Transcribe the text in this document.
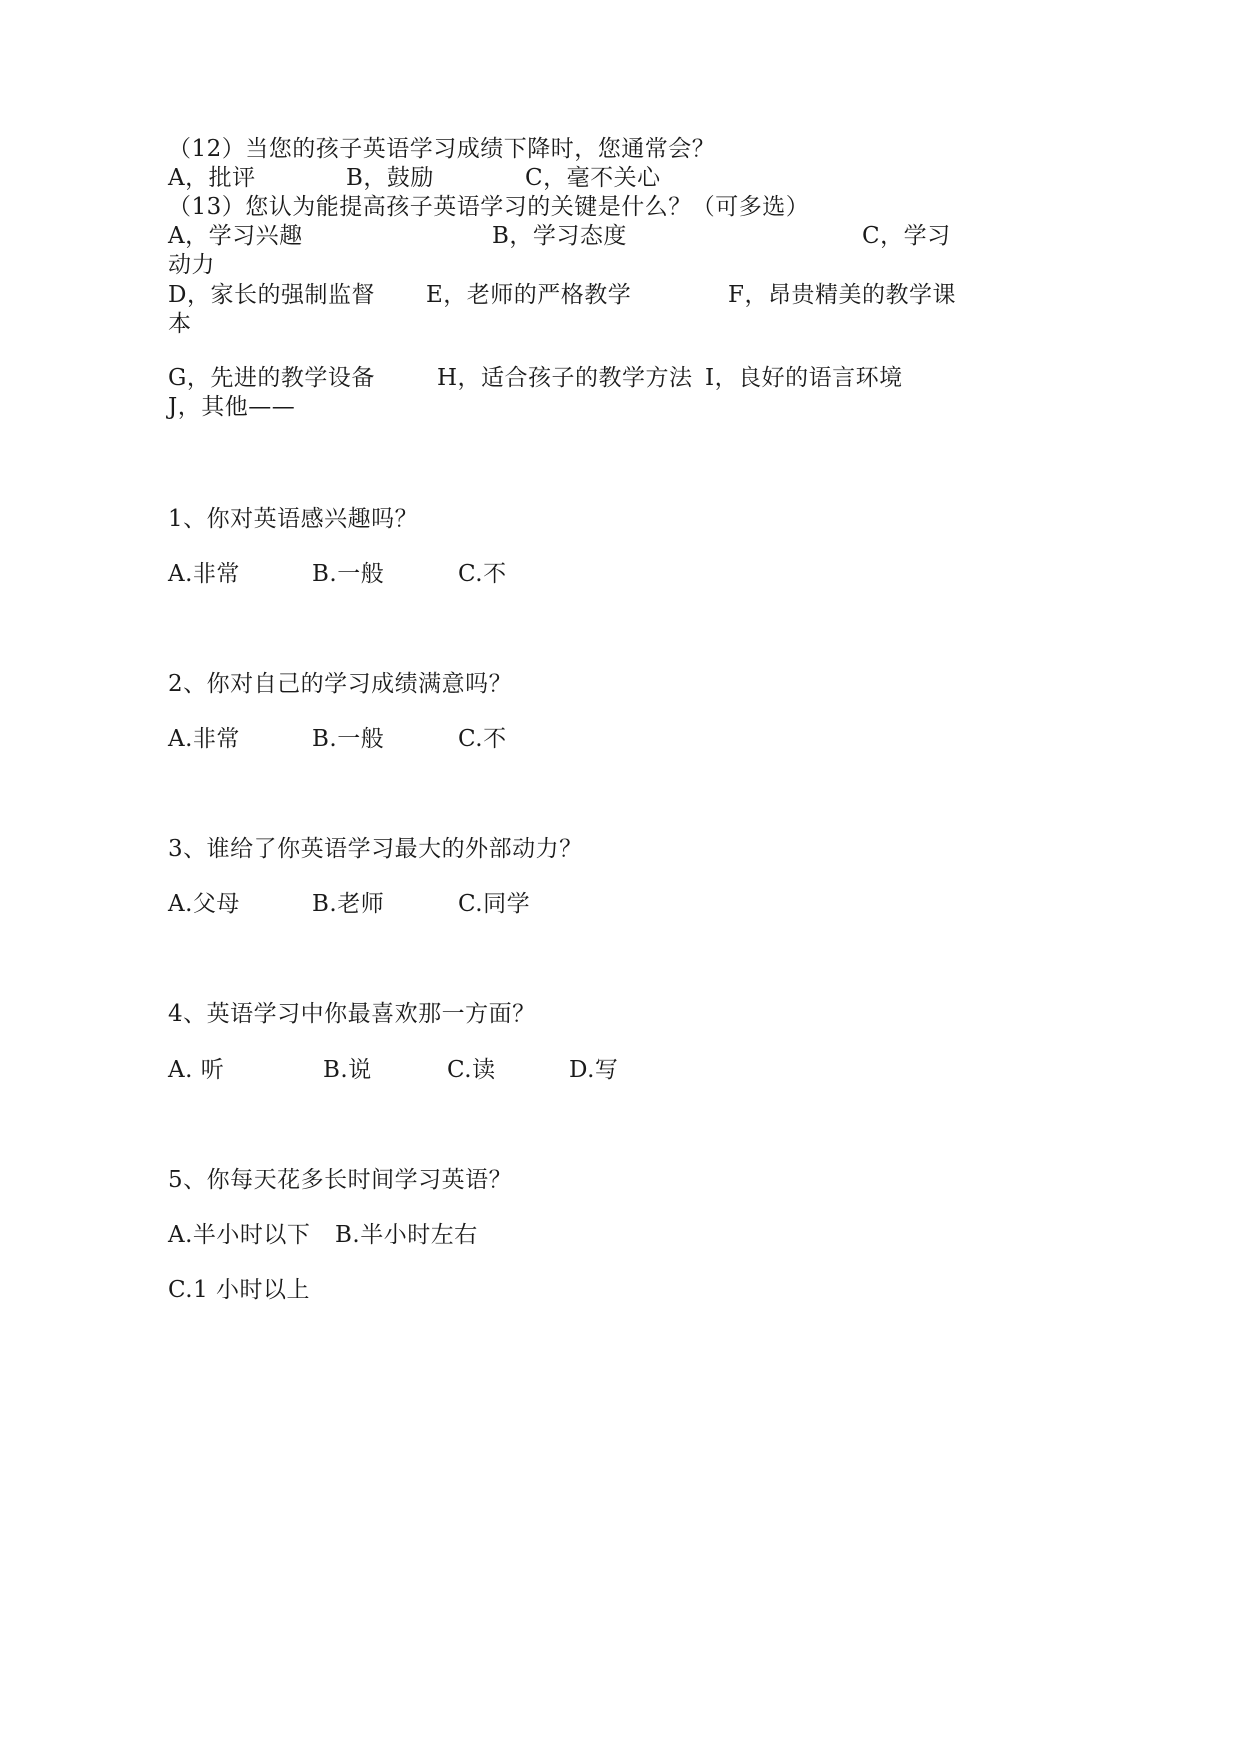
（12）当您的孩子英语学习成绩下降时，您通常会？
A，批评	B，鼓励	C，毫不关心
（13）您认为能提高孩子英语学习的关键是什么？（可多选）
A，学习兴趣	B，学习态度	C，学习
动力
D，家长的强制监督 E，老师的严格教学	F，昂贵精美的教学课
本
G，先进的教学设备	H，适合孩子的教学方法 I，良好的语言环境
J，其他——
1、你对英语感兴趣吗？
A.非常	B.一般	C.不
2、你对自己的学习成绩满意吗？
A.非常	B.一般	C.不
3、谁给了你英语学习最大的外部动力？
A.父母	B.老师	C.同学
4、英语学习中你最喜欢那一方面？
A. 听	B.说	C.读	D.写
5、你每天花多长时间学习英语？
A.半小时以下 B.半小时左右
C.1 小时以上
